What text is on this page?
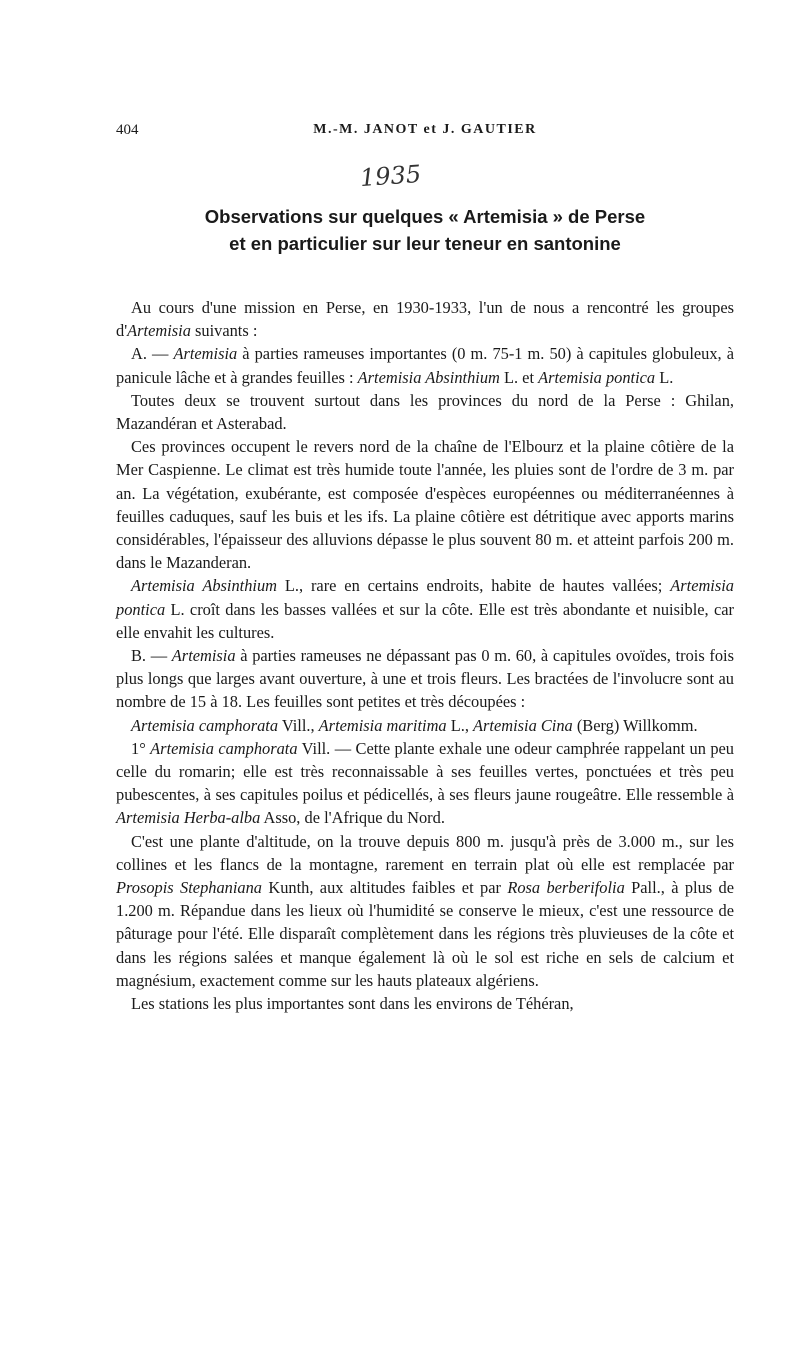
404	M.-M. JANOT et J. GAUTIER
1935
Observations sur quelques « Artemisia » de Perse
et en particulier sur leur teneur en santonine

Au cours d'une mission en Perse, en 1930-1933, l'un de nous a rencontré les groupes d'Artemisia suivants :

A. — Artemisia à parties rameuses importantes (0 m. 75-1 m. 50) à capitules globuleux, à panicule lâche et à grandes feuilles : Artemisia Absinthium L. et Artemisia pontica L.

Toutes deux se trouvent surtout dans les provinces du nord de la Perse : Ghilan, Mazandéran et Asterabad.

Ces provinces occupent le revers nord de la chaîne de l'Elbourz et la plaine côtière de la Mer Caspienne. Le climat est très humide toute l'année, les pluies sont de l'ordre de 3 m. par an. La végétation, exubérante, est composée d'espèces européennes ou méditerranéennes à feuilles caduques, sauf les buis et les ifs. La plaine côtière est détritique avec apports marins considérables, l'épaisseur des alluvions dépasse le plus souvent 80 m. et atteint parfois 200 m. dans le Mazanderan.

Artemisia Absinthium L., rare en certains endroits, habite de hautes vallées; Artemisia pontica L. croît dans les basses vallées et sur la côte. Elle est très abondante et nuisible, car elle envahit les cultures.

B. — Artemisia à parties rameuses ne dépassant pas 0 m. 60, à capitules ovoïdes, trois fois plus longs que larges avant ouverture, à une et trois fleurs. Les bractées de l'involucre sont au nombre de 15 à 18. Les feuilles sont petites et très découpées :

Artemisia camphorata Vill., Artemisia maritima L., Artemisia Cina (Berg) Willkomm.

1° Artemisia camphorata Vill. — Cette plante exhale une odeur camphrée rappelant un peu celle du romarin; elle est très reconnaissable à ses feuilles vertes, ponctuées et très peu pubescentes, à ses capitules poilus et pédicellés, à ses fleurs jaune rougeâtre. Elle ressemble à Artemisia Herba-alba Asso, de l'Afrique du Nord.

C'est une plante d'altitude, on la trouve depuis 800 m. jusqu'à près de 3.000 m., sur les collines et les flancs de la montagne, rarement en terrain plat où elle est remplacée par Prosopis Stephaniana Kunth, aux altitudes faibles et par Rosa berberifolia Pall., à plus de 1.200 m. Répandue dans les lieux où l'humidité se conserve le mieux, c'est une ressource de pâturage pour l'été. Elle disparaît complètement dans les régions très pluvieuses de la côte et dans les régions salées et manque également là où le sol est riche en sels de calcium et magnésium, exactement comme sur les hauts plateaux algériens.

Les stations les plus importantes sont dans les environs de Téhéran,
